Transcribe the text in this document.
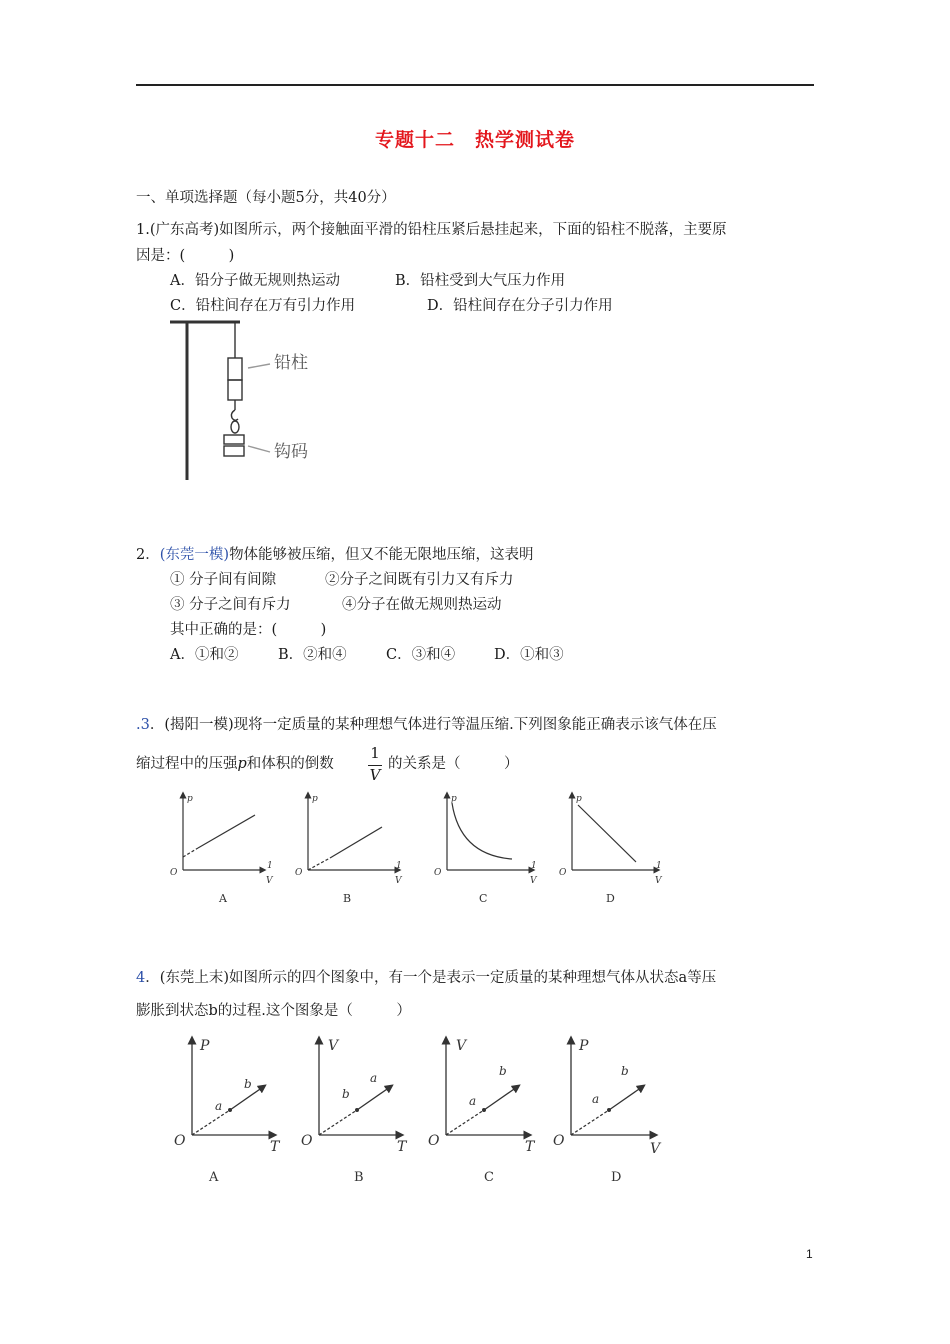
专题十二　热学测试卷
一、单项选择题（每小题5分，共40分）
1.(广东高考)如图所示，两个接触面平滑的铅柱压紧后悬挂起来，下面的铅柱不脱落，主要原
因是：(　　　)
A．铅分子做无规则热运动	B．铅柱受到大气压力作用
C．铅柱间存在万有引力作用	D．铅柱间存在分子引力作用
铅柱
钩码
2．(东莞一模)物体能够被压缩，但又不能无限地压缩，这表明
① 分子间有间隙	②分子之间既有引力又有斥力
③ 分子之间有斥力	④分子在做无规则热运动
其中正确的是：(　　　)
A．①和②	B．②和④	C．③和④	D．①和③
.3．(揭阳一模)现将一定质量的某种理想气体进行等温压缩.下列图象能正确表示该气体在压
缩过程中的压强p和体积的倒数
1
V
的关系是（　　　）
p
O
p
O
p
O
p
O
1
V
1
V
1
V
1
V
A	B	C	D
4．(东莞上末)如图所示的四个图象中，有一个是表示一定质量的某种理想气体从状态a等压
膨胀到状态b的过程.这个图象是（　　　）
P
T
O
a
b
V
T
O
b
a
V
T
O
a
b
P
V
O
a
b
A	B	C	D
1
